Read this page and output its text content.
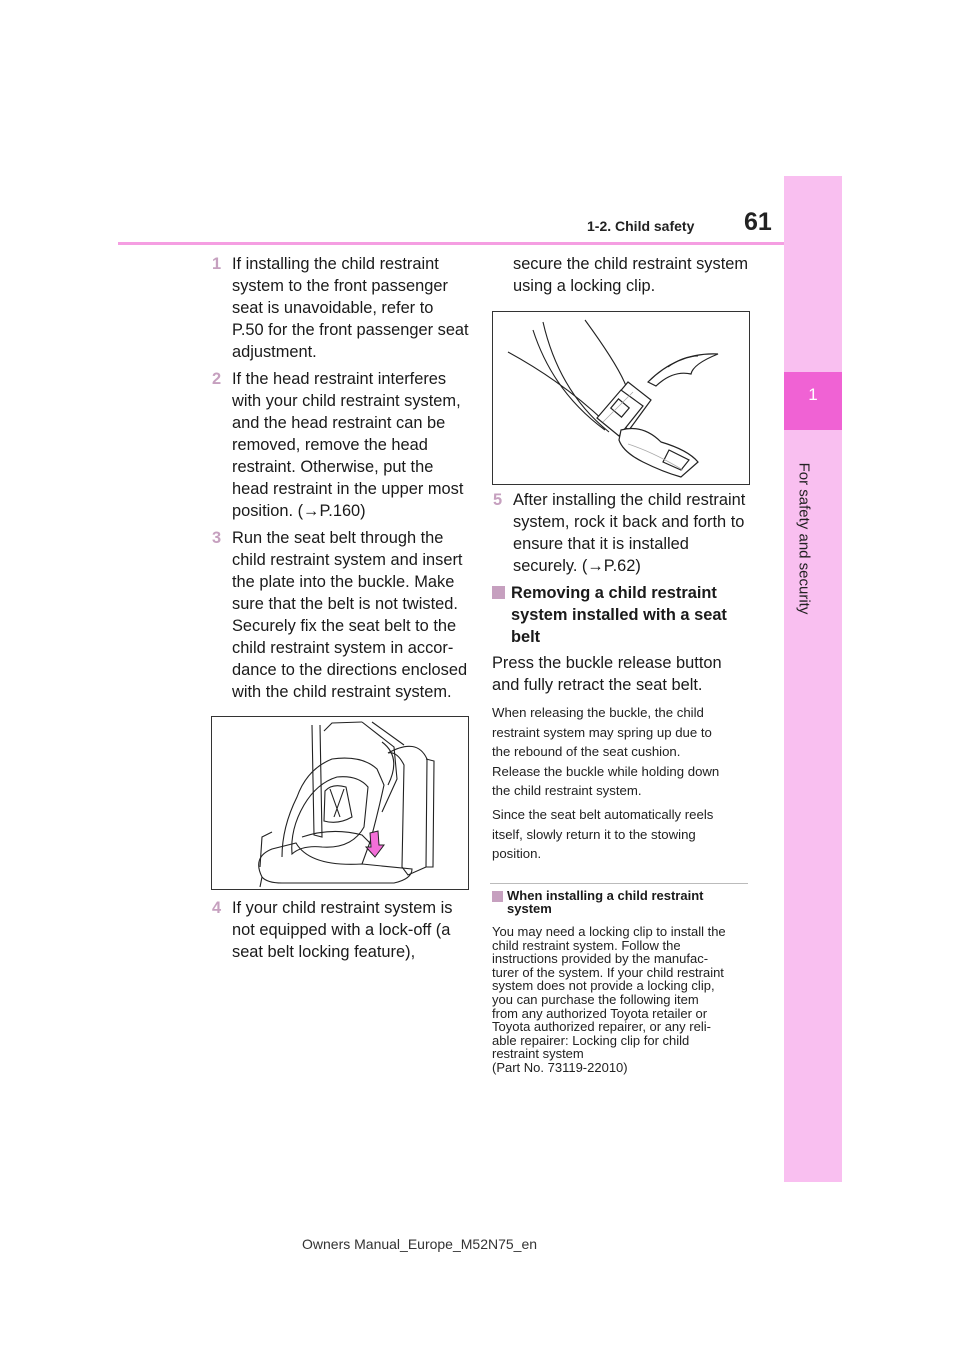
1
For safety and security
1-2. Child safety 61
1 If installing the child restraint
system to the front passenger
seat is unavoidable, refer to
P.50 for the front passenger seat
adjustment.
2 If the head restraint interferes
with your child restraint system,
and the head restraint can be
removed, remove the head
restraint. Otherwise, put the
head restraint in the upper most
position. (→P.160)
3 Run the seat belt through the
child restraint system and insert
the plate into the buckle. Make
sure that the belt is not twisted.
Securely fix the seat belt to the
child restraint system in accor-
dance to the directions enclosed
with the child restraint system.
4 If your child restraint system is
not equipped with a lock-off (a
seat belt locking feature),
secure the child restraint system
using a locking clip.
5 After installing the child restraint
system, rock it back and forth to
ensure that it is installed
securely. (→P.62)
Removing a child restraint
system installed with a seat
belt
Press the buckle release button
and fully retract the seat belt.
When releasing the buckle, the child
restraint system may spring up due to
the rebound of the seat cushion.
Release the buckle while holding down
the child restraint system.
Since the seat belt automatically reels
itself, slowly return it to the stowing
position.
When installing a child restraint
system
You may need a locking clip to install the
child restraint system. Follow the
instructions provided by the manufac-
turer of the system. If your child restraint
system does not provide a locking clip,
you can purchase the following item
from any authorized Toyota retailer or
Toyota authorized repairer, or any reli-
able repairer: Locking clip for child
restraint system
(Part No. 73119-22010)
Owners Manual_Europe_M52N75_en
